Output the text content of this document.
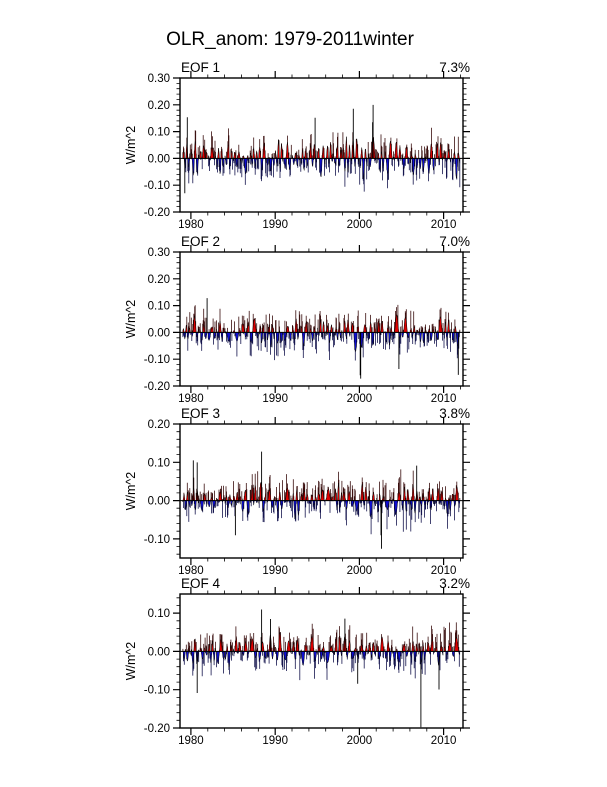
OLR_anom: 1979-2011winter
EOF 1	7.3%
W/m^2
-0.20
-0.10
0.00
0.10
0.20
0.30
1980	1990	2000	2010
EOF 2	7.0%
W/m^2
-0.20
-0.10
0.00
0.10
0.20
0.30
1980	1990	2000	2010
EOF 3	3.8%
W/m^2
-0.10
0.00
0.10
0.20
1980	1990	2000	2010
EOF 4	3.2%
W/m^2
-0.20
-0.10
0.00
0.10
1980	1990	2000	2010
